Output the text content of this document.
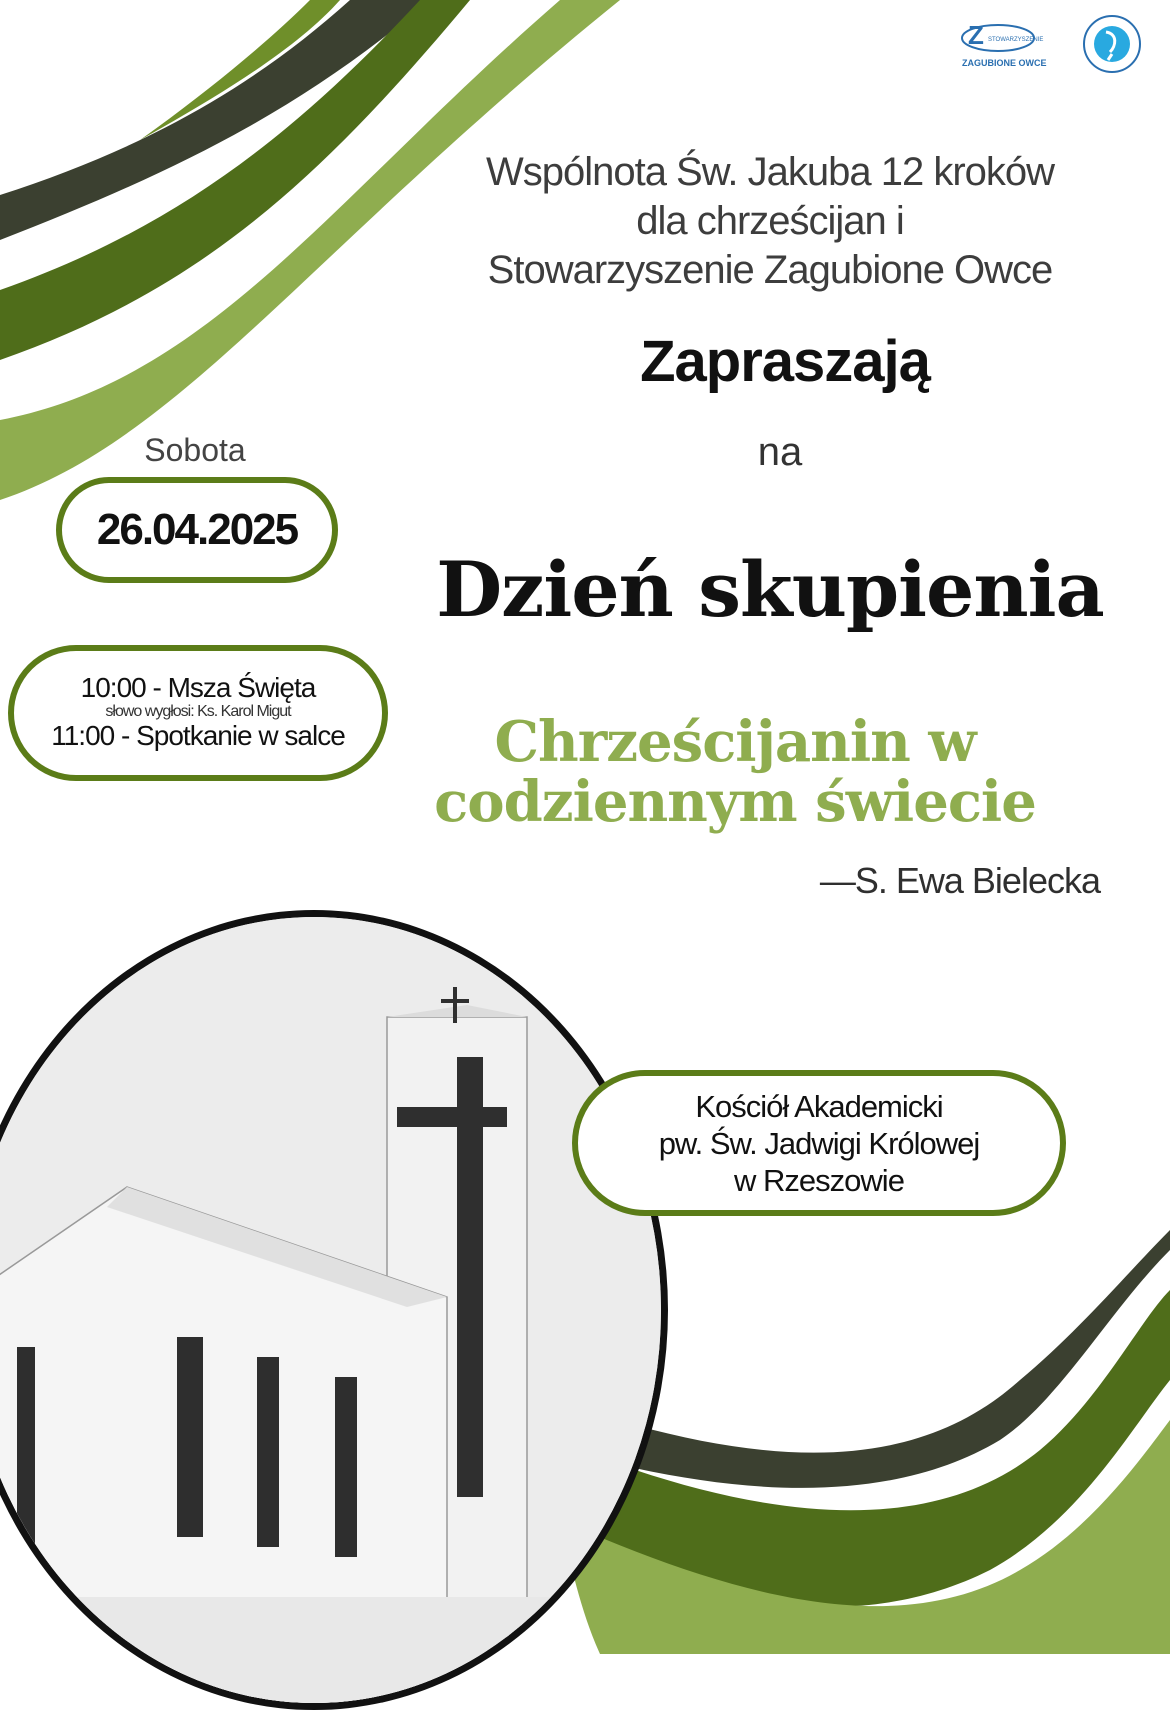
Z STOWARZYSZENIE
ZAGUBIONE OWCE
Wspólnota Św. Jakuba 12 kroków
dla chrześcijan i
Stowarzyszenie Zagubione Owce
Zapraszają
na
Dzień skupienia
Chrześcijanin w
codziennym świecie
—S. Ewa Bielecka
Sobota
26.04.2025
10:00 - Msza Święta
słowo wygłosi: Ks. Karol Migut
11:00 - Spotkanie w salce
Kościół Akademicki
pw. Św. Jadwigi Królowej
w Rzeszowie
